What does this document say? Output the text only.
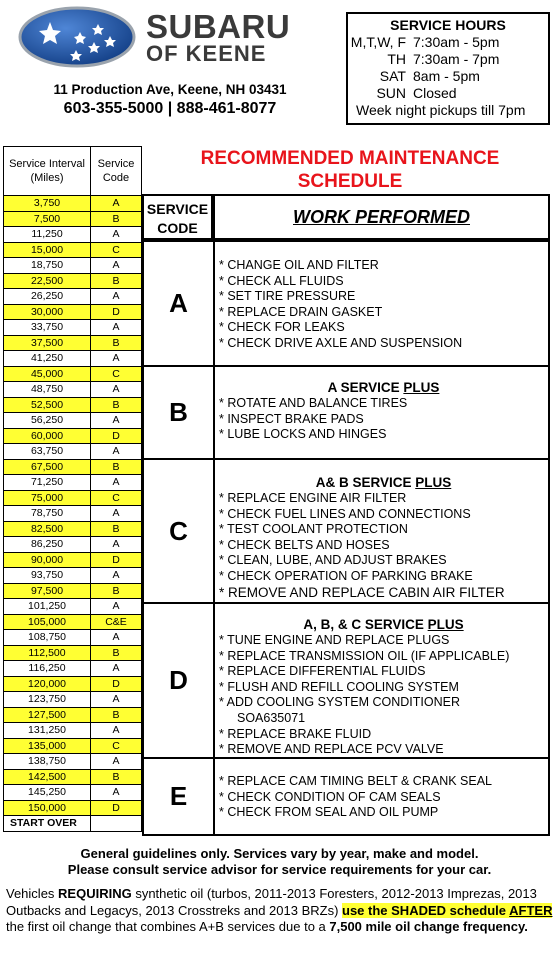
SUBARU
OF KEENE
11 Production Ave, Keene, NH 03431
603-355-5000 | 888-461-8077
SERVICE HOURS
M,T,W, F 7:30am - 5pm
TH 7:30am - 7pm
SAT 8am - 5pm
SUN Closed
Week night pickups till 7pm
Service Interval (Miles)	Service Code
3,750	A
7,500	B
11,250	A
15,000	C
18,750	A
22,500	B
26,250	A
30,000	D
33,750	A
37,500	B
41,250	A
45,000	C
48,750	A
52,500	B
56,250	A
60,000	D
63,750	A
67,500	B
71,250	A
75,000	C
78,750	A
82,500	B
86,250	A
90,000	D
93,750	A
97,500	B
101,250	A
105,000	C&E
108,750	A
112,500	B
116,250	A
120,000	D
123,750	A
127,500	B
131,250	A
135,000	C
138,750	A
142,500	B
145,250	A
150,000	D
START OVER	
RECOMMENDED MAINTENANCE
SCHEDULE
SERVICE CODE
WORK PERFORMED
A
* CHANGE OIL AND FILTER
* CHECK ALL FLUIDS
* SET TIRE PRESSURE
* REPLACE DRAIN GASKET
* CHECK FOR LEAKS
* CHECK DRIVE AXLE AND SUSPENSION
B
A SERVICE PLUS
* ROTATE AND BALANCE TIRES
* INSPECT BRAKE PADS
* LUBE LOCKS AND HINGES
C
A& B SERVICE PLUS
* REPLACE ENGINE AIR FILTER
* CHECK FUEL LINES AND CONNECTIONS
* TEST COOLANT PROTECTION
* CHECK BELTS AND HOSES
* CLEAN, LUBE, AND ADJUST BRAKES
* CHECK OPERATION OF PARKING BRAKE
* REMOVE AND REPLACE CABIN AIR FILTER
D
A, B, & C SERVICE PLUS
* TUNE ENGINE AND REPLACE PLUGS
* REPLACE TRANSMISSION OIL (IF APPLICABLE)
* REPLACE DIFFERENTIAL FLUIDS
* FLUSH AND REFILL COOLING SYSTEM
* ADD COOLING SYSTEM CONDITIONER
SOA635071
* REPLACE BRAKE FLUID
* REMOVE AND REPLACE PCV VALVE
E	* REPLACE CAM TIMING BELT & CRANK SEAL
* CHECK CONDITION OF CAM SEALS
* CHECK FROM SEAL AND OIL PUMP
General guidelines only. Services vary by year, make and model.
Please consult service advisor for service requirements for your car.
Vehicles REQUIRING synthetic oil (turbos, 2011-2013 Foresters, 2012-2013 Imprezas, 2013 Outbacks and Legacys, 2013 Crosstreks and 2013 BRZs) use the SHADED schedule AFTER the first oil change that combines A+B services due to a 7,500 mile oil change frequency.
